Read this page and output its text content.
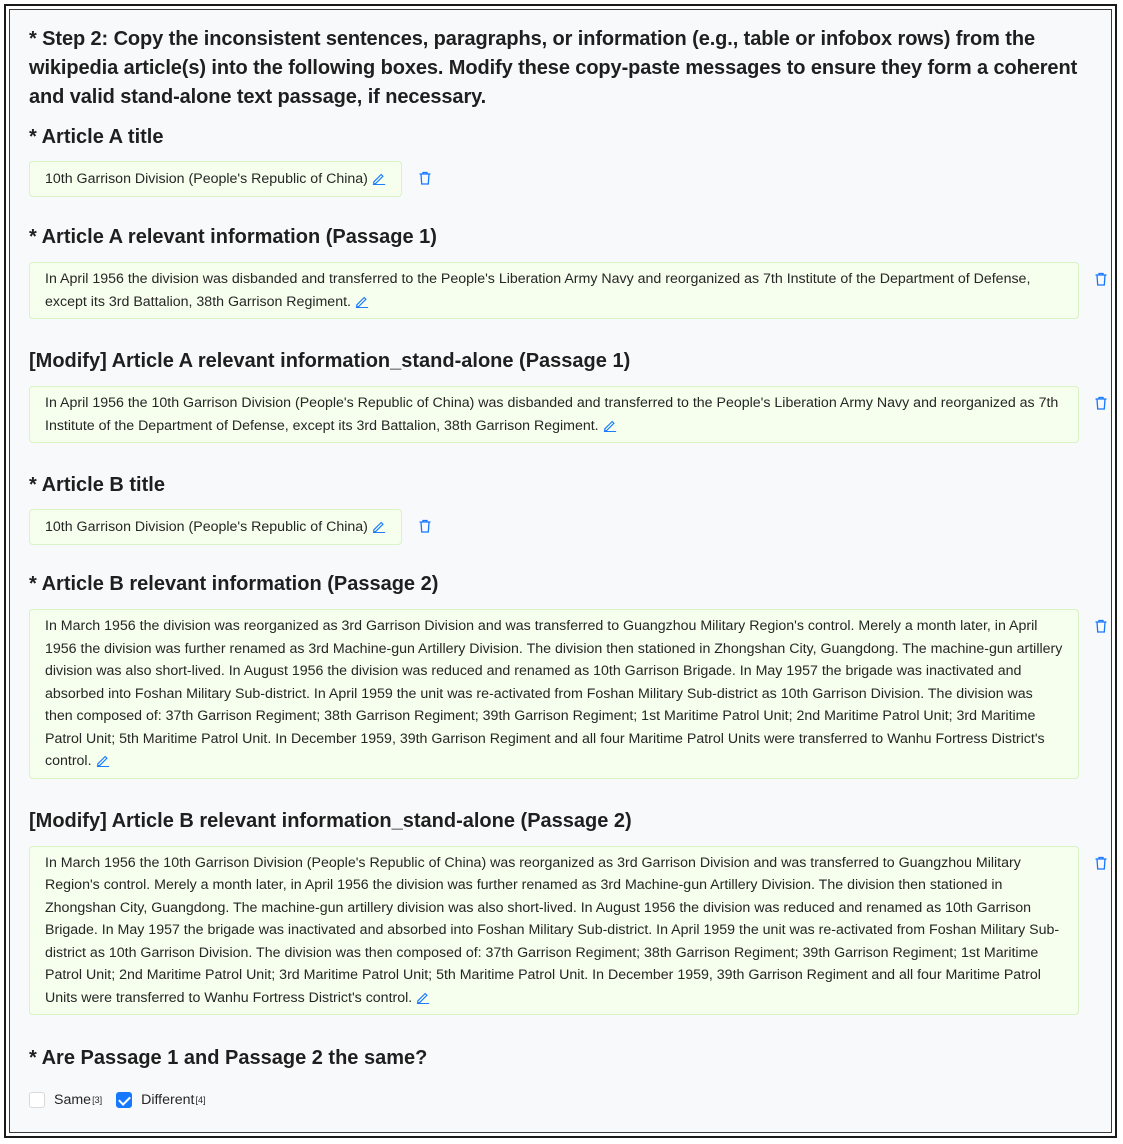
* Step 2: Copy the inconsistent sentences, paragraphs, or information (e.g., table or infobox rows) from the wikipedia article(s) into the following boxes. Modify these copy-paste messages to ensure they form a coherent and valid stand-alone text passage, if necessary.

* Article A title
10th Garrison Division (People's Republic of China)
* Article A relevant information (Passage 1)
In April 1956 the division was disbanded and transferred to the People's Liberation Army Navy and reorganized as 7th Institute of the Department of Defense, except its 3rd Battalion, 38th Garrison Regiment.
[Modify] Article A relevant information_stand-alone (Passage 1)
In April 1956 the 10th Garrison Division (People's Republic of China) was disbanded and transferred to the People's Liberation Army Navy and reorganized as 7th Institute of the Department of Defense, except its 3rd Battalion, 38th Garrison Regiment.
* Article B title
10th Garrison Division (People's Republic of China)
* Article B relevant information (Passage 2)
In March 1956 the division was reorganized as 3rd Garrison Division and was transferred to Guangzhou Military Region's control. Merely a month later, in April 1956 the division was further renamed as 3rd Machine-gun Artillery Division. The division then stationed in Zhongshan City, Guangdong. The machine-gun artillery division was also short-lived. In August 1956 the division was reduced and renamed as 10th Garrison Brigade. In May 1957 the brigade was inactivated and absorbed into Foshan Military Sub-district. In April 1959 the unit was re-activated from Foshan Military Sub-district as 10th Garrison Division. The division was then composed of: 37th Garrison Regiment; 38th Garrison Regiment; 39th Garrison Regiment; 1st Maritime Patrol Unit; 2nd Maritime Patrol Unit; 3rd Maritime Patrol Unit; 5th Maritime Patrol Unit. In December 1959, 39th Garrison Regiment and all four Maritime Patrol Units were transferred to Wanhu Fortress District's control.
[Modify] Article B relevant information_stand-alone (Passage 2)
In March 1956 the 10th Garrison Division (People's Republic of China) was reorganized as 3rd Garrison Division and was transferred to Guangzhou Military Region's control. Merely a month later, in April 1956 the division was further renamed as 3rd Machine-gun Artillery Division. The division then stationed in Zhongshan City, Guangdong. The machine-gun artillery division was also short-lived. In August 1956 the division was reduced and renamed as 10th Garrison Brigade. In May 1957 the brigade was inactivated and absorbed into Foshan Military Sub-district. In April 1959 the unit was re-activated from Foshan Military Sub-district as 10th Garrison Division. The division was then composed of: 37th Garrison Regiment; 38th Garrison Regiment; 39th Garrison Regiment; 1st Maritime Patrol Unit; 2nd Maritime Patrol Unit; 3rd Maritime Patrol Unit; 5th Maritime Patrol Unit. In December 1959, 39th Garrison Regiment and all four Maritime Patrol Units were transferred to Wanhu Fortress District's control.
* Are Passage 1 and Passage 2 the same?
Same [3]	Different [4]
